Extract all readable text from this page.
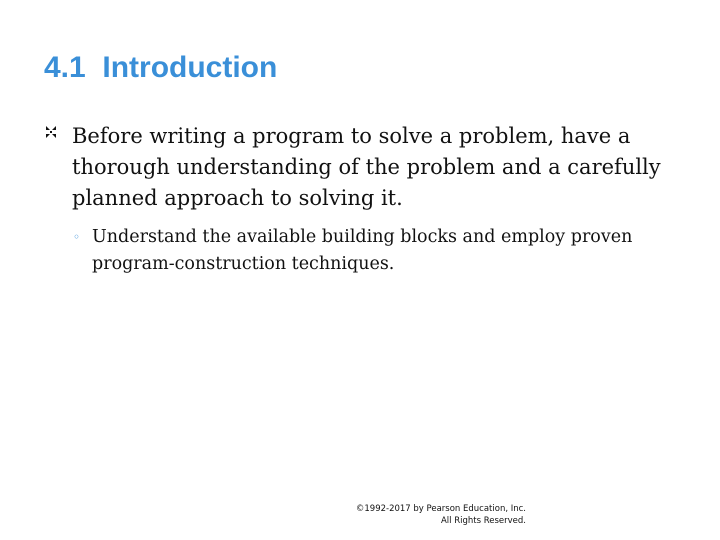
4.1  Introduction
Before writing a program to solve a problem, have a thorough understanding of the problem and a carefully planned approach to solving it.
◦ Understand the available building blocks and employ proven program-construction techniques.
©1992-2017 by Pearson Education, Inc.
All Rights Reserved.
